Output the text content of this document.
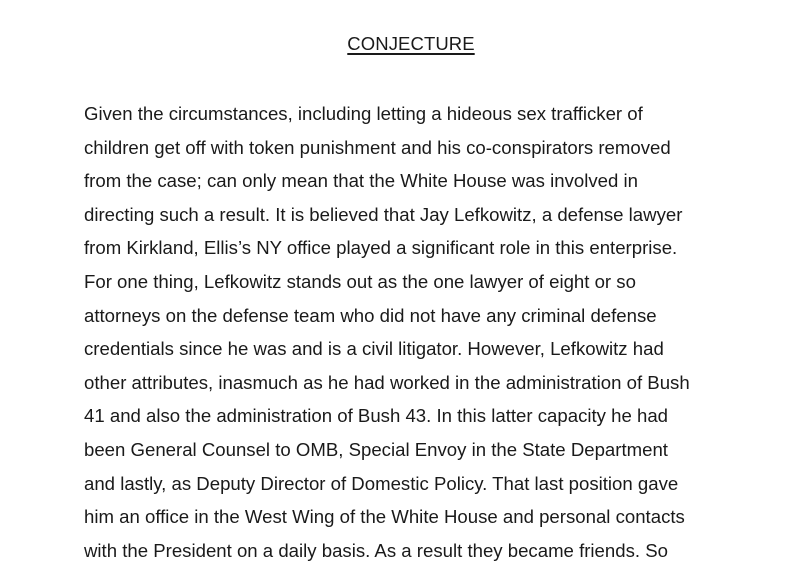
CONJECTURE
Given the circumstances, including letting a hideous sex trafficker of
children get off with token punishment and his co-conspirators removed
from the case; can only mean that the White House was involved in
directing such a result. It is believed that Jay Lefkowitz, a defense lawyer
from Kirkland, Ellis’s NY office played a significant role in this enterprise.
For one thing, Lefkowitz stands out as the one lawyer of eight or so
attorneys on the defense team who did not have any criminal defense
credentials since he was and is a civil litigator. However, Lefkowitz had
other attributes, inasmuch as he had worked in the administration of Bush
41 and also the administration of Bush 43. In this latter capacity he had
been General Counsel to OMB, Special Envoy in the State Department
and lastly, as Deputy Director of Domestic Policy. That last position gave
him an office in the West Wing of the White House and personal contacts
with the President on a daily basis. As a result they became friends. So
